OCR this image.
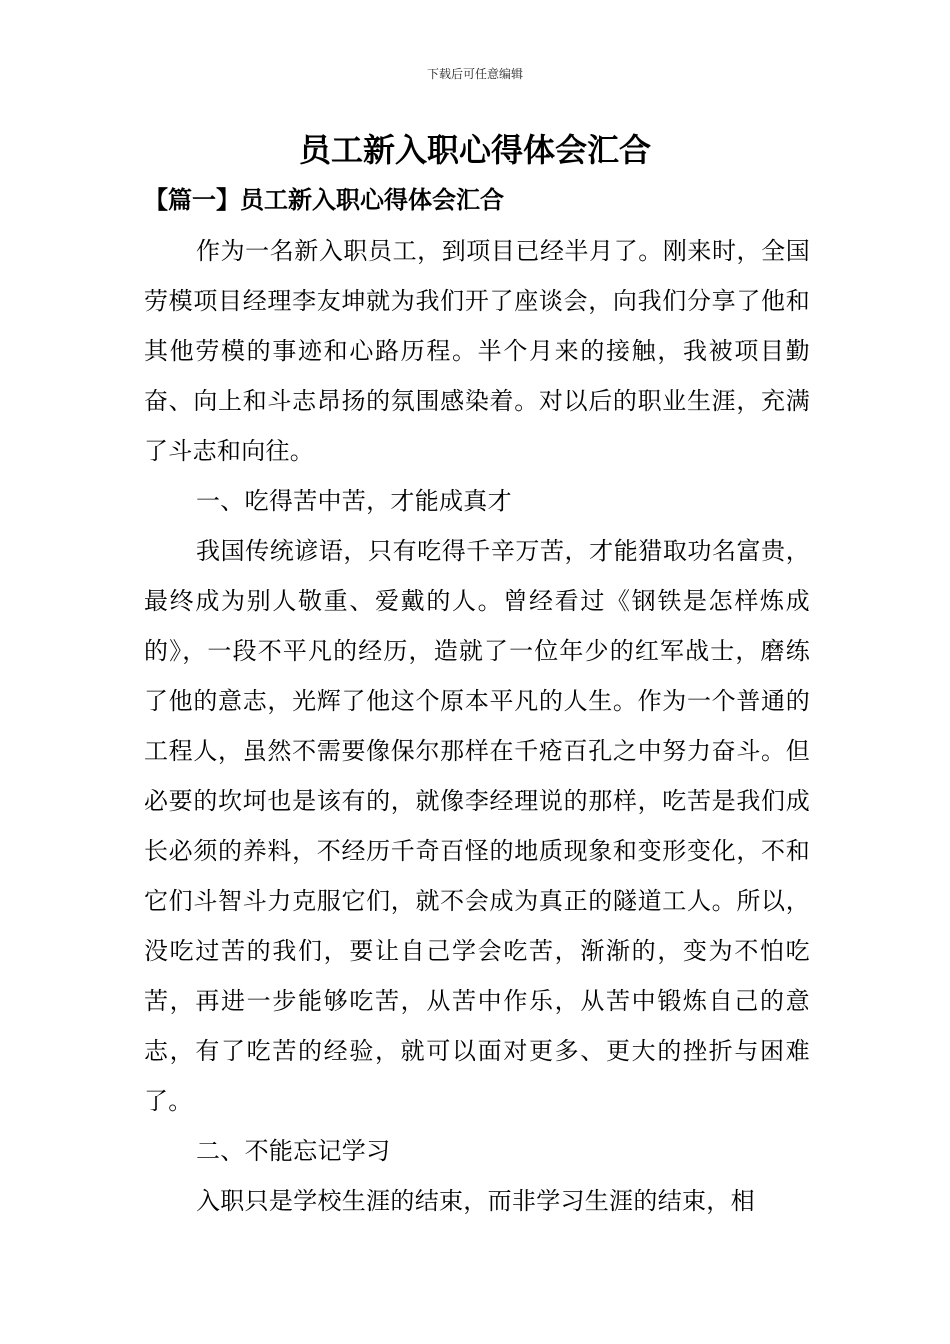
下载后可任意编辑
员工新入职心得体会汇合
【篇一】员工新入职心得体会汇合

作为一名新入职员工，到项目已经半月了。刚来时，全国劳模项目经理李友坤就为我们开了座谈会，向我们分享了他和其他劳模的事迹和心路历程。半个月来的接触，我被项目勤奋、向上和斗志昂扬的氛围感染着。对以后的职业生涯，充满了斗志和向往。

一、吃得苦中苦，才能成真才

我国传统谚语，只有吃得千辛万苦，才能猎取功名富贵，最终成为别人敬重、爱戴的人。曾经看过《钢铁是怎样炼成的》，一段不平凡的经历，造就了一位年少的红军战士，磨练了他的意志，光辉了他这个原本平凡的人生。作为一个普通的工程人，虽然不需要像保尔那样在千疮百孔之中努力奋斗。但必要的坎坷也是该有的，就像李经理说的那样，吃苦是我们成长必须的养料，不经历千奇百怪的地质现象和变形变化，不和它们斗智斗力克服它们，就不会成为真正的隧道工人。所以，没吃过苦的我们，要让自己学会吃苦，渐渐的，变为不怕吃苦，再进一步能够吃苦，从苦中作乐，从苦中锻炼自己的意志，有了吃苦的经验，就可以面对更多、更大的挫折与困难了。

二、不能忘记学习

入职只是学校生涯的结束，而非学习生涯的结束，相
